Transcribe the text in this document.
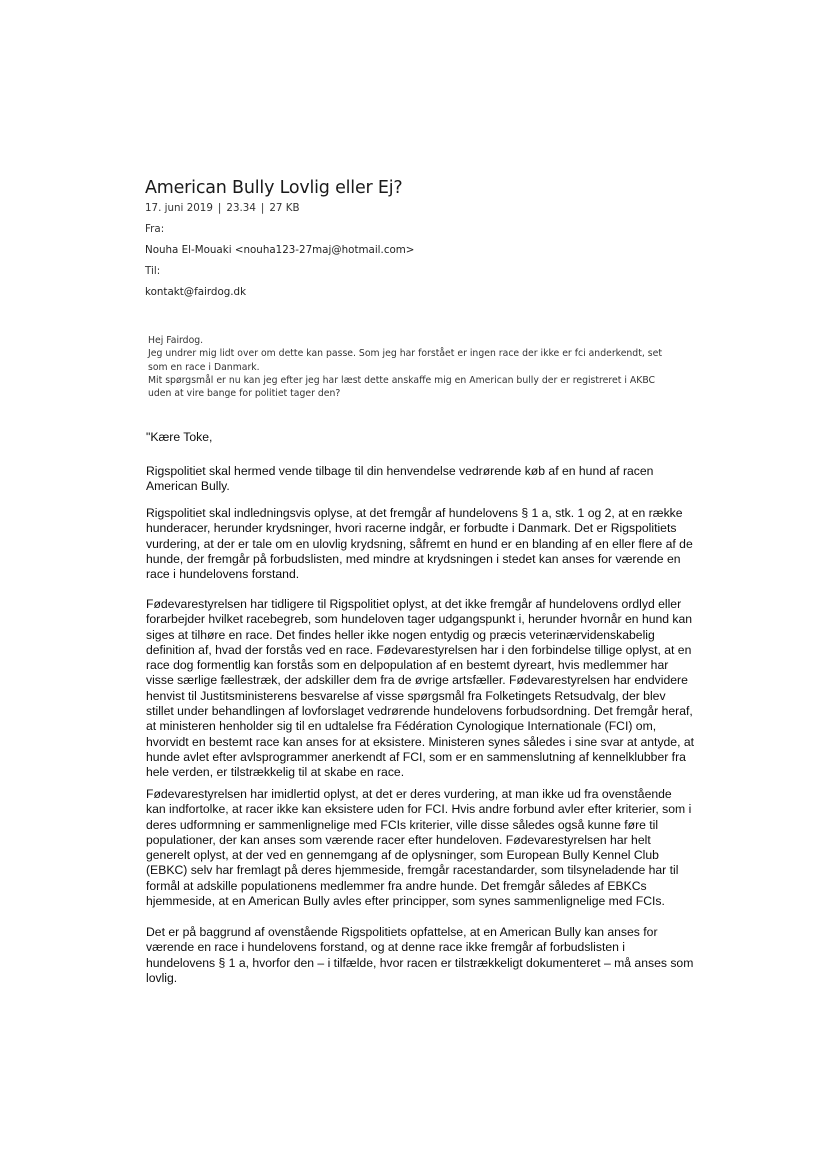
American Bully Lovlig eller Ej?
17. juni 2019 | 23.34 | 27 KB
Fra:
Nouha El-Mouaki <nouha123-27maj@hotmail.com>
Til:
kontakt@fairdog.dk
Hej Fairdog.
Jeg undrer mig lidt over om dette kan passe. Som jeg har forstået er ingen race der ikke er fci anderkendt, set
som en race i Danmark.
Mit spørgsmål er nu kan jeg efter jeg har læst dette anskaffe mig en American bully der er registreret i AKBC
uden at vire bange for politiet tager den?
"Kære Toke,
Rigspolitiet skal hermed vende tilbage til din henvendelse vedrørende køb af en hund af racen
American Bully.
Rigspolitiet skal indledningsvis oplyse, at det fremgår af hundelovens § 1 a, stk. 1 og 2, at en række
hunderacer, herunder krydsninger, hvori racerne indgår, er forbudte i Danmark. Det er Rigspolitiets
vurdering, at der er tale om en ulovlig krydsning, såfremt en hund er en blanding af en eller flere af de
hunde, der fremgår på forbudslisten, med mindre at krydsningen i stedet kan anses for værende en
race i hundelovens forstand.
Fødevarestyrelsen har tidligere til Rigspolitiet oplyst, at det ikke fremgår af hundelovens ordlyd eller
forarbejder hvilket racebegreb, som hundeloven tager udgangspunkt i, herunder hvornår en hund kan
siges at tilhøre en race. Det findes heller ikke nogen entydig og præcis veterinærvidenskabelig
definition af, hvad der forstås ved en race. Fødevarestyrelsen har i den forbindelse tillige oplyst, at en
race dog formentlig kan forstås som en delpopulation af en bestemt dyreart, hvis medlemmer har
visse særlige fællestræk, der adskiller dem fra de øvrige artsfæller. Fødevarestyrelsen har endvidere
henvist til Justitsministerens besvarelse af visse spørgsmål fra Folketingets Retsudvalg, der blev
stillet under behandlingen af lovforslaget vedrørende hundelovens forbudsordning. Det fremgår heraf,
at ministeren henholder sig til en udtalelse fra Fédération Cynologique Internationale (FCI) om,
hvorvidt en bestemt race kan anses for at eksistere. Ministeren synes således i sine svar at antyde, at
hunde avlet efter avlsprogrammer anerkendt af FCI, som er en sammenslutning af kennelklubber fra
hele verden, er tilstrækkelig til at skabe en race.
Fødevarestyrelsen har imidlertid oplyst, at det er deres vurdering, at man ikke ud fra ovenstående
kan indfortolke, at racer ikke kan eksistere uden for FCI. Hvis andre forbund avler efter kriterier, som i
deres udformning er sammenlignelige med FCIs kriterier, ville disse således også kunne føre til
populationer, der kan anses som værende racer efter hundeloven. Fødevarestyrelsen har helt
generelt oplyst, at der ved en gennemgang af de oplysninger, som European Bully Kennel Club
(EBKC) selv har fremlagt på deres hjemmeside, fremgår racestandarder, som tilsyneladende har til
formål at adskille populationens medlemmer fra andre hunde. Det fremgår således af EBKCs
hjemmeside, at en American Bully avles efter principper, som synes sammenlignelige med FCIs.
Det er på baggrund af ovenstående Rigspolitiets opfattelse, at en American Bully kan anses for
værende en race i hundelovens forstand, og at denne race ikke fremgår af forbudslisten i
hundelovens § 1 a, hvorfor den – i tilfælde, hvor racen er tilstrækkeligt dokumenteret – må anses som
lovlig.
